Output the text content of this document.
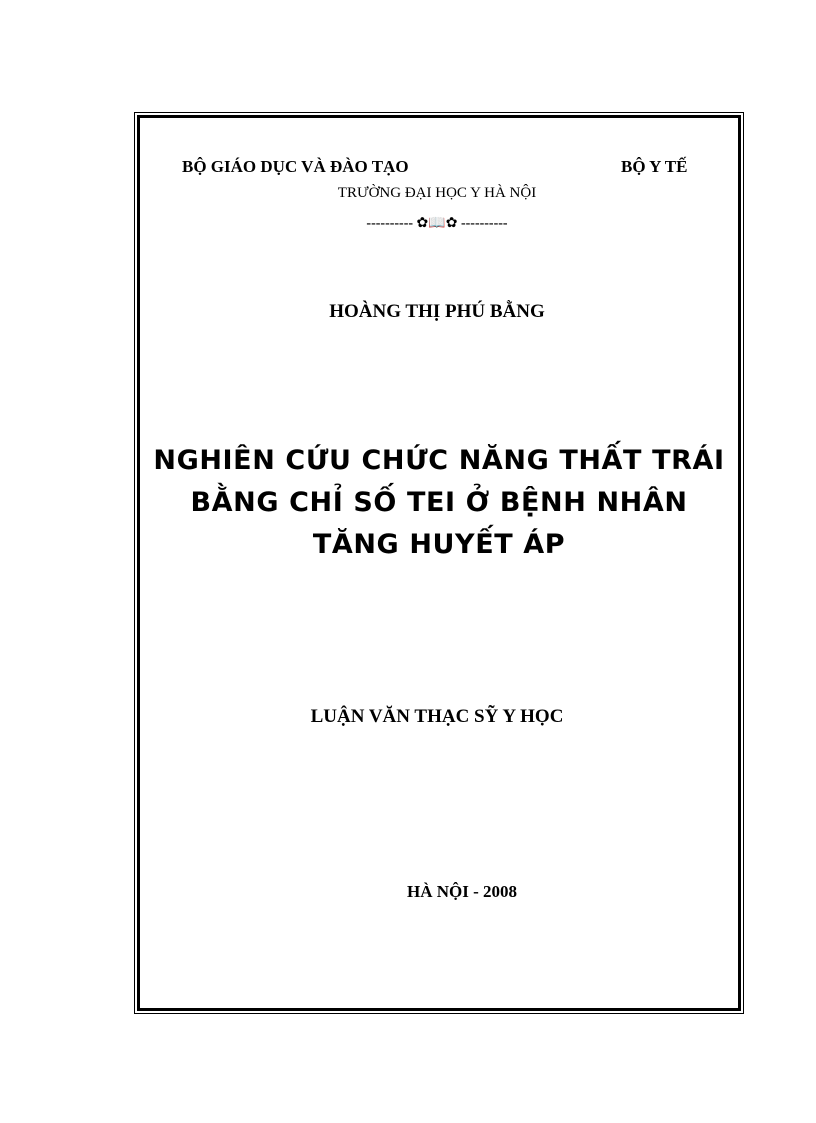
BỘ GIÁO DỤC VÀ ĐÀO TẠO	BỘ Y TẾ
TRƯỜNG ĐẠI HỌC Y HÀ NỘI
---------- ✿📖✿ ----------
HOÀNG THỊ PHÚ BẰNG
NGHIÊN CỨU CHỨC NĂNG THẤT TRÁI
BẰNG CHỈ SỐ TEI Ở BỆNH NHÂN
TĂNG HUYẾT ÁP
LUẬN VĂN THẠC SỸ Y HỌC
HÀ NỘI - 2008
